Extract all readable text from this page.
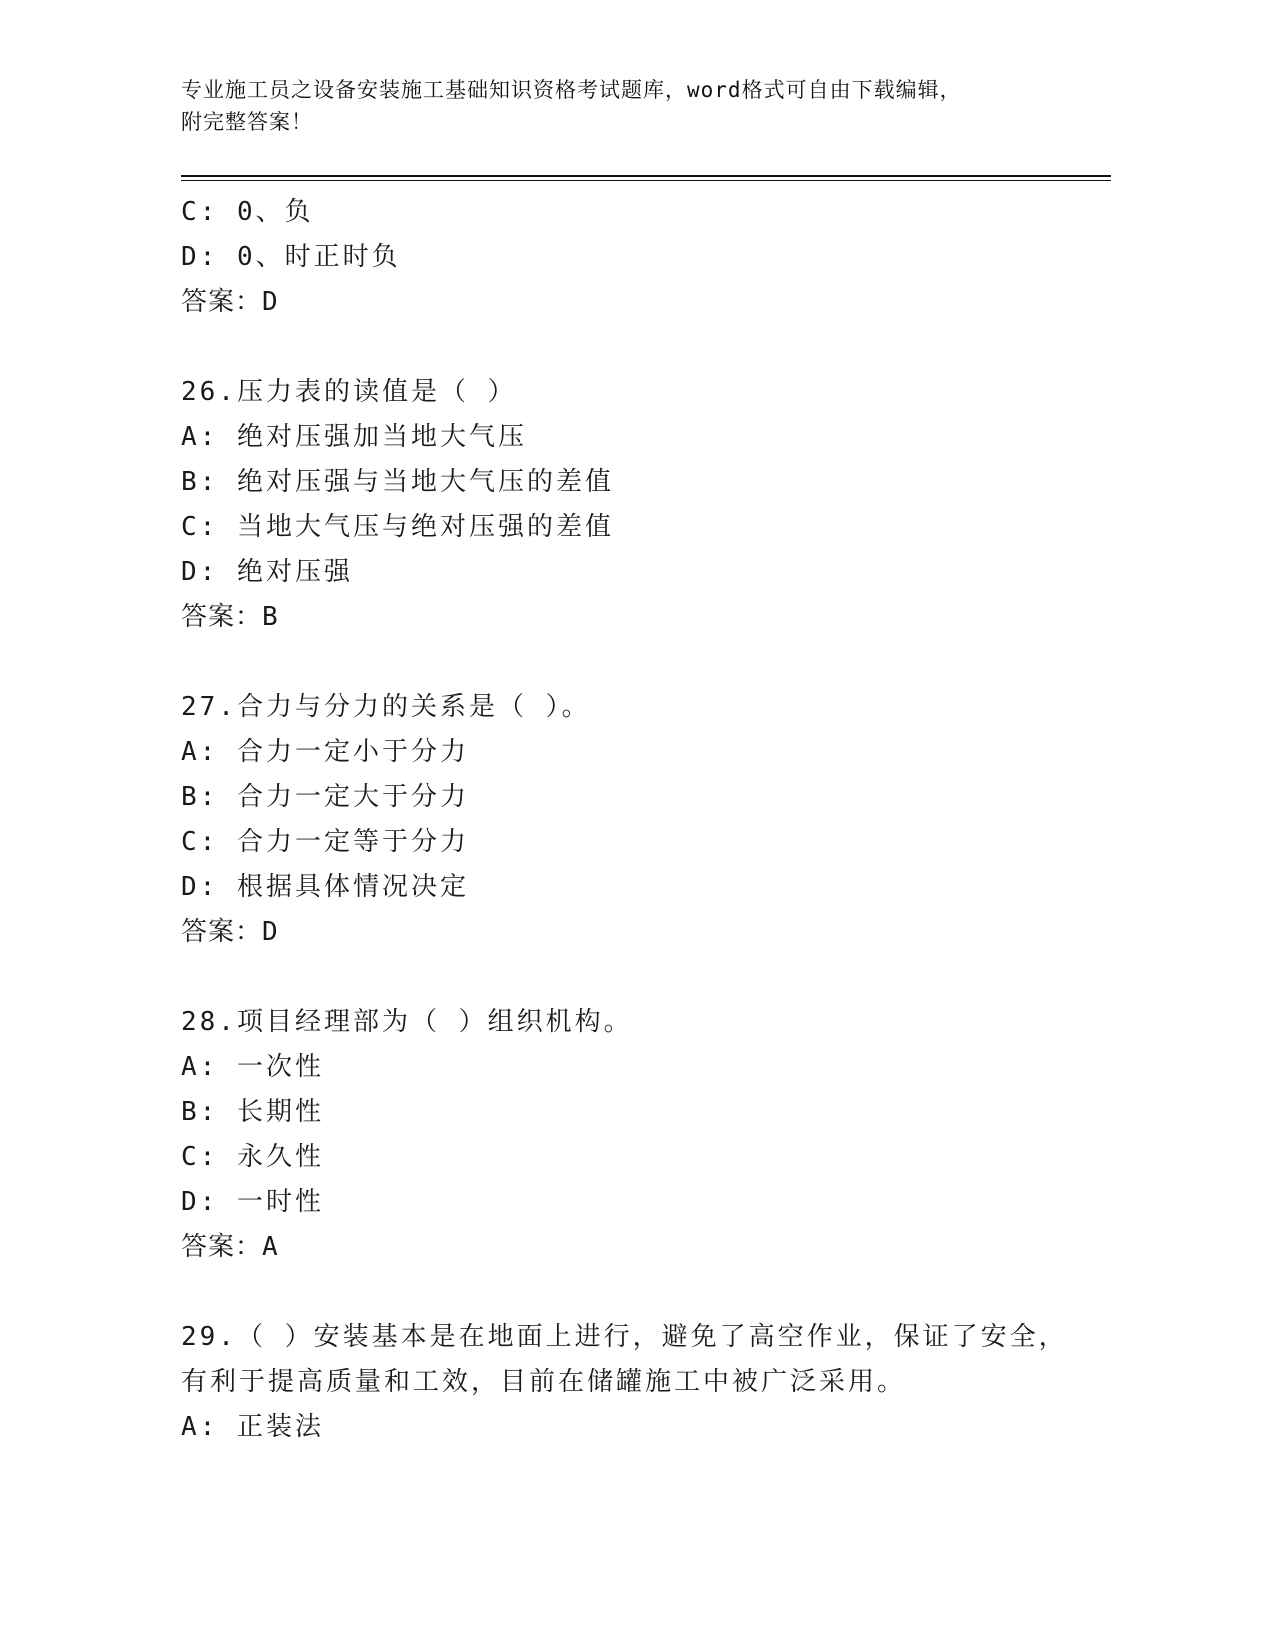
专业施工员之设备安装施工基础知识资格考试题库，word格式可自由下载编辑，
附完整答案！
C: 0、负
D: 0、时正时负
答案：D
26.压力表的读值是（ ）
A: 绝对压强加当地大气压
B: 绝对压强与当地大气压的差值
C: 当地大气压与绝对压强的差值
D: 绝对压强
答案：B
27.合力与分力的关系是（ ）。
A: 合力一定小于分力
B: 合力一定大于分力
C: 合力一定等于分力
D: 根据具体情况决定
答案：D
28.项目经理部为（ ）组织机构。
A: 一次性
B: 长期性
C: 永久性
D: 一时性
答案：A
29.（ ）安装基本是在地面上进行，避免了高空作业，保证了安全，
有利于提高质量和工效，目前在储罐施工中被广泛采用。
A: 正装法
